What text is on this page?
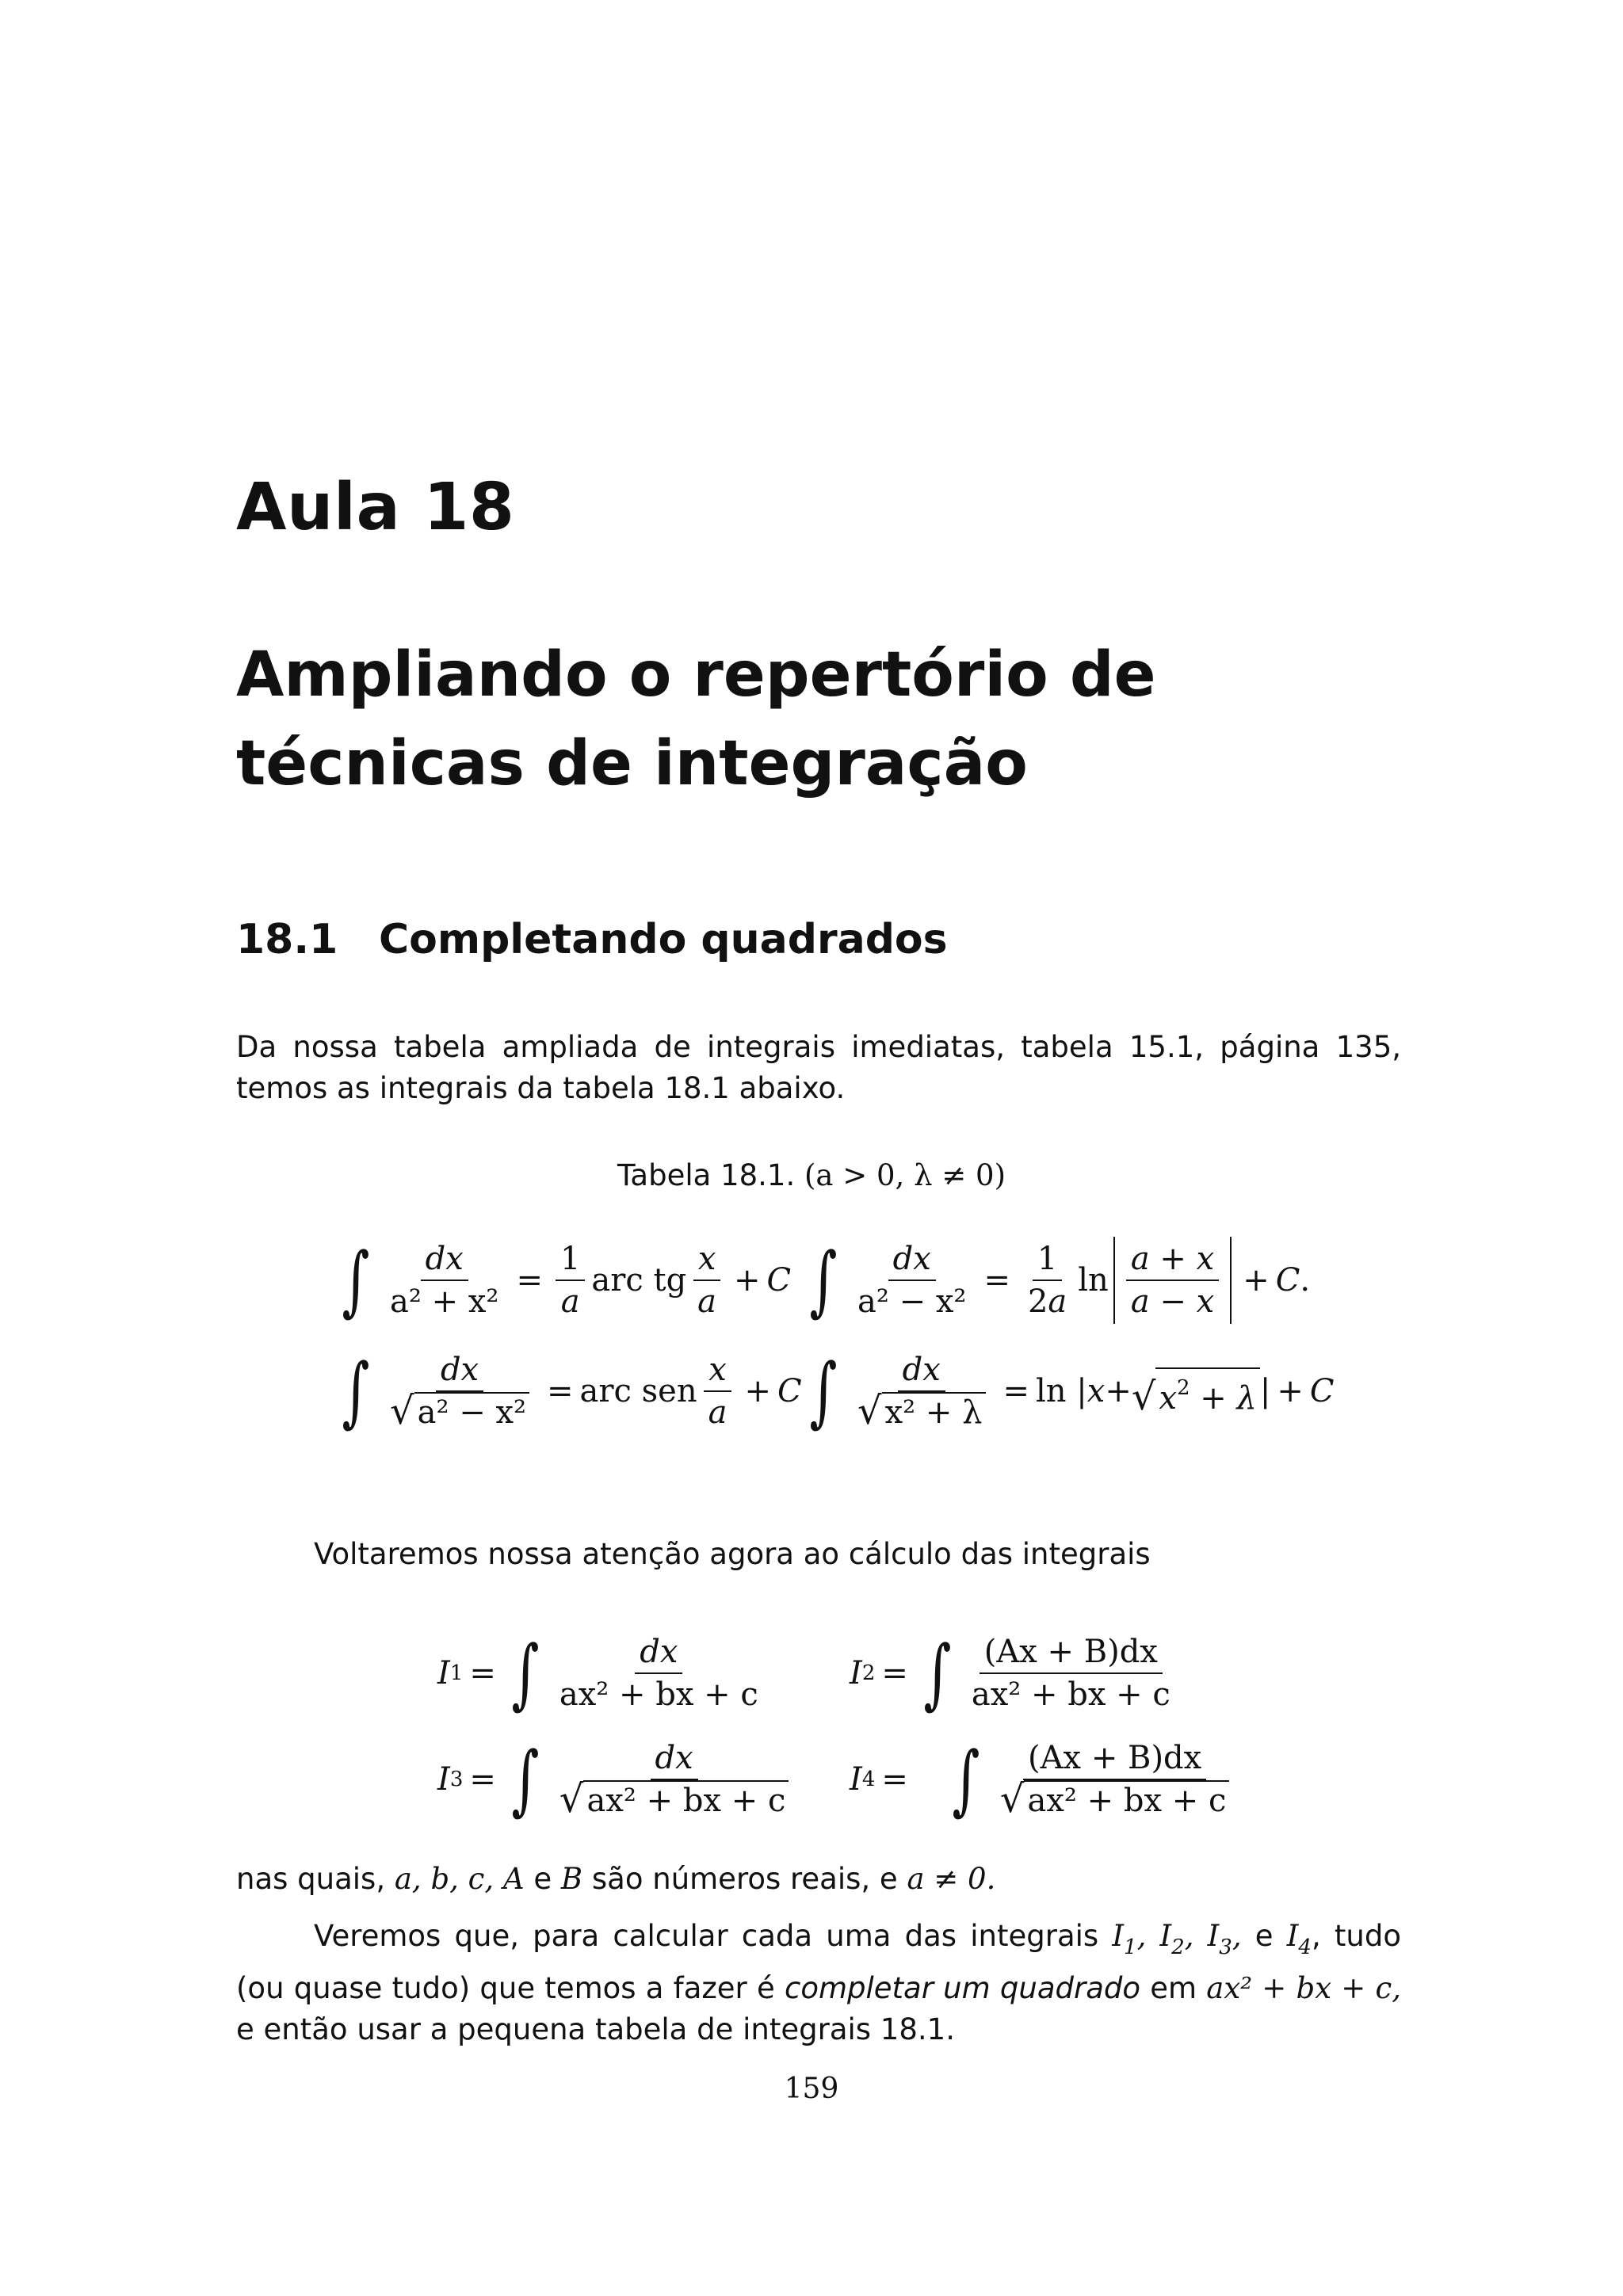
Aula 18
Ampliando o repertório de técnicas de integração
18.1 Completando quadrados
Da nossa tabela ampliada de integrais imediatas, tabela 15.1, página 135, temos as integrais da tabela 18.1 abaixo.
Tabela 18.1. (a > 0, λ ≠ 0)
∫ $\frac{dx}{\text{a² + x²}} = \frac{1}{a}$ arc tg $\frac{x}{a} + C$ ∫ $\frac{dx}{\text{a² − x²}} = \frac{1}{2a}$ $\ln \frac{a + x}{a - x} + C$ .
∫ $\frac{dx}{\text{√ a² − x²}}$ = arc sen $\frac{x}{a} + C$ ∫ $\frac{dx}{\text{√ x² + λ}} = \ln$ | x + √ $x^2 + \lambda$ | + C
Voltaremos nossa atenção agora ao cálculo das integrais
I 1 = ∫ $\frac{dx}{\text{ax² + bx + c}}$	I 2 = ∫ $\frac{(Ax + B)dx}{\text{ax² + bx + c}}$
I 3 = ∫ $\frac{dx}{\text{√ ax² + bx + c}}$ I 4 = ∫ $\frac{(Ax + B)dx}{\text{√ ax² + bx + c}}$
nas quais, a, b, c, A e B são números reais, e a ≠ 0.
Veremos que, para calcular cada uma das integrais $I_1$, $I_2$, $I_3$, e $I_4$, tudo (ou quase tudo) que temos a fazer é completar um quadrado em ax² + bx + c, e então usar a pequena tabela de integrais 18.1.
159
